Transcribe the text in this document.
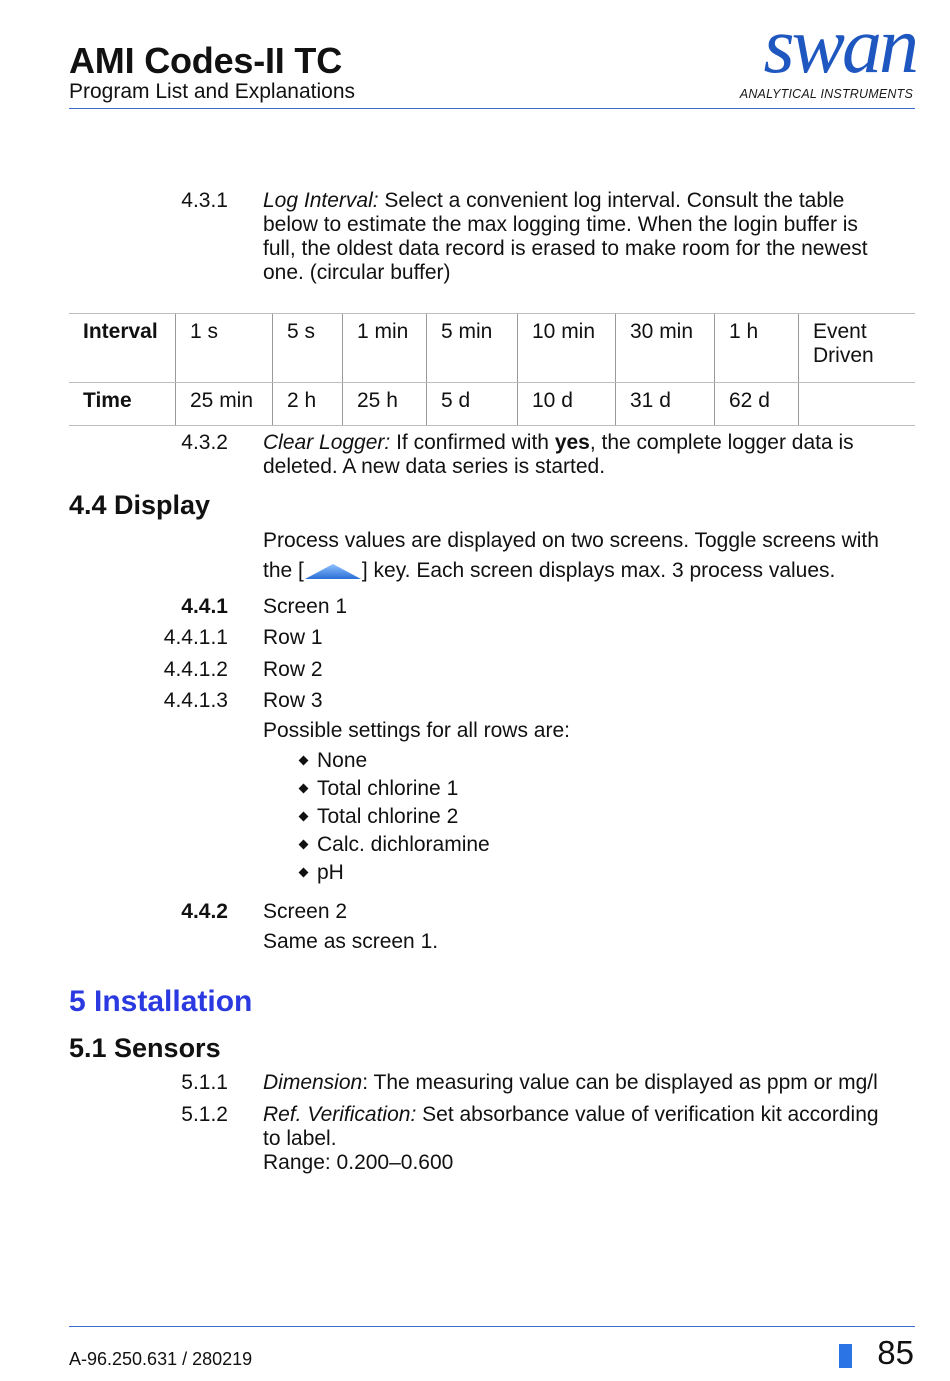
AMI Codes-II TC
Program List and Explanations
swan
ANALYTICAL INSTRUMENTS
4.3.1 Log Interval: Select a convenient log interval. Consult the table
below to estimate the max logging time. When the login buffer is
full, the oldest data record is erased to make room for the newest
one. (circular buffer)
Interval	1 s	5 s	1 min	5 min	10 min	30 min	1 h	Event
Driven

Time	25 min	2 h	25 h	5 d	10 d	31 d	62 d	
4.3.2 Clear Logger: If confirmed with yes, the complete logger data is
deleted. A new data series is started.
4.4 Display
Process values are displayed on two screens. Toggle screens with
the [	] key. Each screen displays max. 3 process values.
4.4.1 Screen 1
4.4.1.1 Row 1
4.4.1.2 Row 2
4.4.1.3 Row 3
Possible settings for all rows are:
None
Total chlorine 1
Total chlorine 2
Calc. dichloramine
pH
4.4.2 Screen 2
Same as screen 1.
5 Installation
5.1 Sensors
5.1.1 Dimension: The measuring value can be displayed as ppm or mg/l
5.1.2 Ref. Verification: Set absorbance value of verification kit according
to label.
Range: 0.200–0.600
A-96.250.631 / 280219	85
